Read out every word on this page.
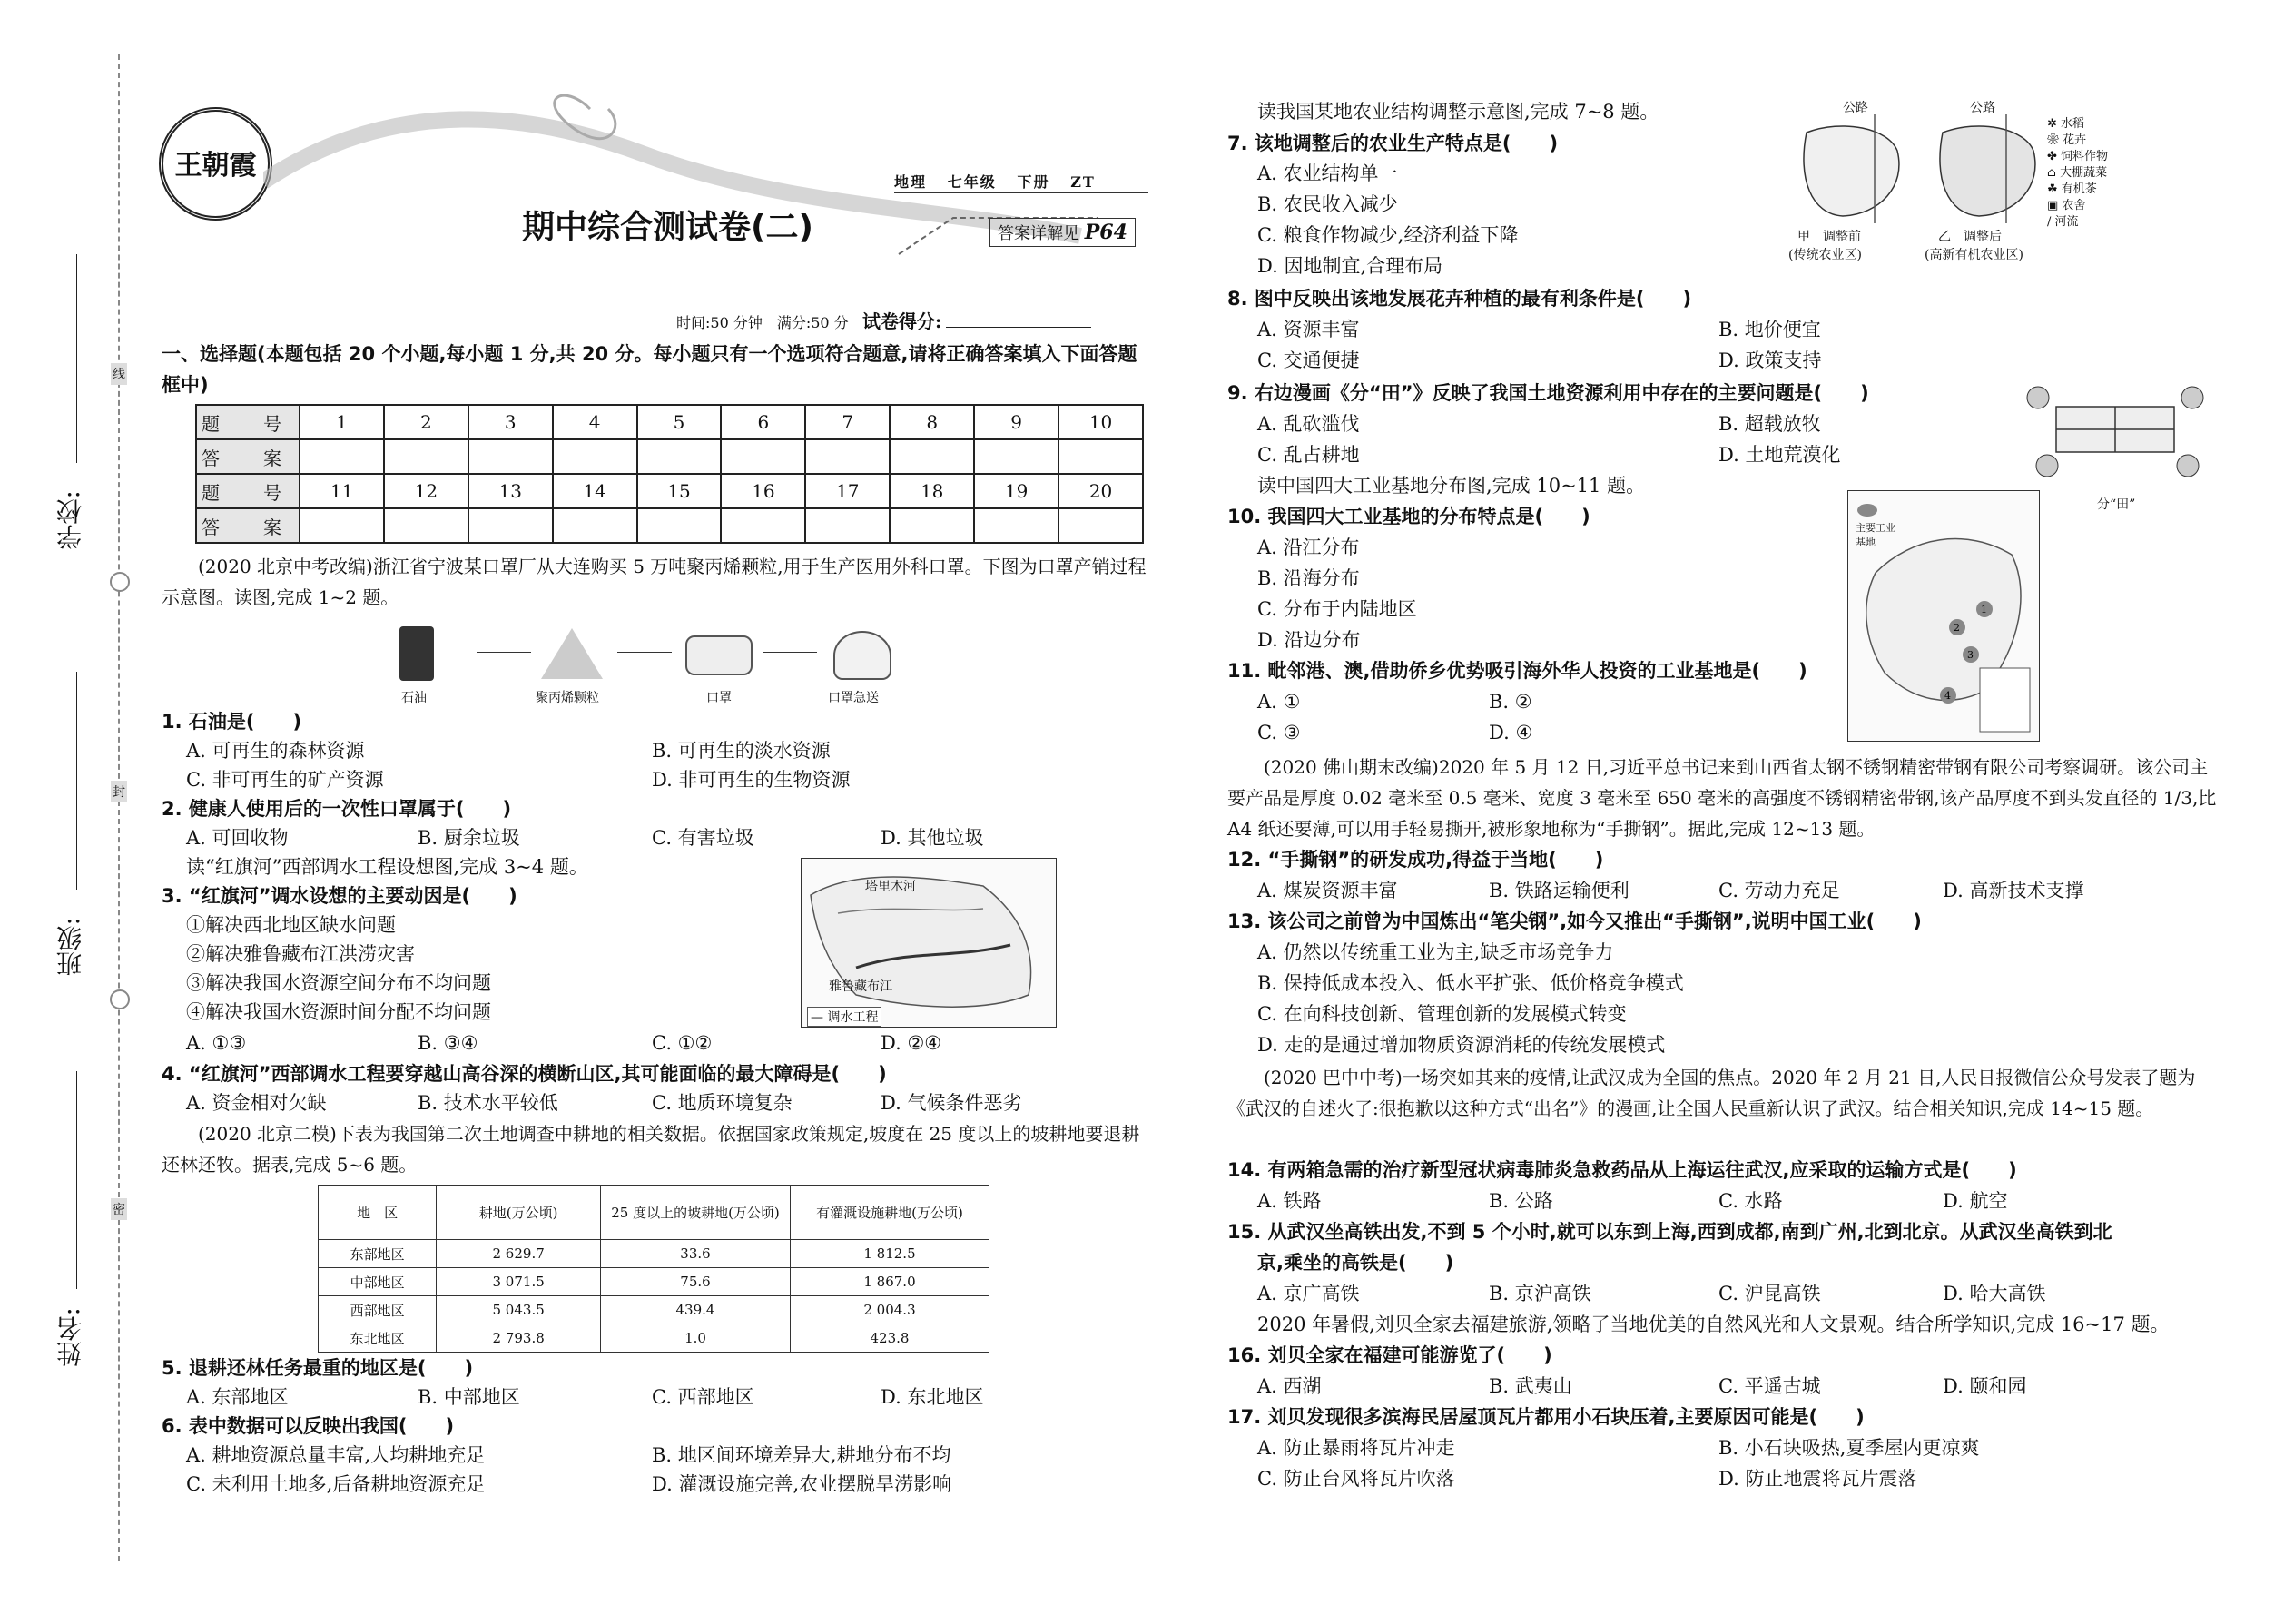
学校:
班级:
姓名:
线
封
密
王朝霞
地理 七年级 下册 ZT
期中综合测试卷(二)	答案详解见 P64
时间:50 分钟　满分:50 分 试卷得分:
一、选择题(本题包括 20 个小题,每小题 1 分,共 20 分。每小题只有一个选项符合题意,请将正确答案填入下面答题框中)
题　号	1	2	3	4	5	6	7	8	9	10
答　案										
题　号	11	12	13	14	15	16	17	18	19	20
答　案										
(2020 北京中考改编)浙江省宁波某口罩厂从大连购买 5 万吨聚丙烯颗粒,用于生产医用外科口罩。下图为口罩产销过程示意图。读图,完成 1~2 题。
石油	聚丙烯颗粒	口罩	口罩急送
1. 石油是(　　)
A. 可再生的森林资源	B. 可再生的淡水资源
C. 非可再生的矿产资源	D. 非可再生的生物资源
2. 健康人使用后的一次性口罩属于(　　)
A. 可回收物	B. 厨余垃圾	C. 有害垃圾	D. 其他垃圾
读“红旗河”西部调水工程设想图,完成 3~4 题。
3. “红旗河”调水设想的主要动因是(　　)
①解决西北地区缺水问题
②解决雅鲁藏布江洪涝灾害
③解决我国水资源空间分布不均问题
④解决我国水资源时间分配不均问题
A. ①③	B. ③④	C. ①②	D. ②④
塔里木河
雅鲁藏布江
— 调水工程
4. “红旗河”西部调水工程要穿越山高谷深的横断山区,其可能面临的最大障碍是(　　)
A. 资金相对欠缺	B. 技术水平较低	C. 地质环境复杂	D. 气候条件恶劣
(2020 北京二模)下表为我国第二次土地调查中耕地的相关数据。依据国家政策规定,坡度在 25 度以上的坡耕地要退耕还林还牧。据表,完成 5~6 题。
地　区	耕地(万公顷)	25 度以上的坡耕地(万公顷)	有灌溉设施耕地(万公顷)
东部地区	2 629.7	33.6	1 812.5
中部地区	3 071.5	75.6	1 867.0
西部地区	5 043.5	439.4	2 004.3
东北地区	2 793.8	1.0	423.8
5. 退耕还林任务最重的地区是(　　)
A. 东部地区	B. 中部地区	C. 西部地区	D. 东北地区
6. 表中数据可以反映出我国(　　)
A. 耕地资源总量丰富,人均耕地充足	B. 地区间环境差异大,耕地分布不均
C. 未利用土地多,后备耕地资源充足	D. 灌溉设施完善,农业摆脱旱涝影响
读我国某地农业结构调整示意图,完成 7~8 题。	公路	公路
甲　调整前
(传统农业区)
乙　调整后
(高新有机农业区)
✲ 水稻
❀ 花卉
✤ 饲料作物
⌂ 大棚蔬菜
☘ 有机茶
▣ 农舍
∕ 河流
7. 该地调整后的农业生产特点是(　　)
A. 农业结构单一
B. 农民收入减少
C. 粮食作物减少,经济利益下降
D. 因地制宜,合理布局
8. 图中反映出该地发展花卉种植的最有利条件是(　　)
A. 资源丰富	B. 地价便宜
C. 交通便捷	D. 政策支持
9. 右边漫画《分“田”》反映了我国土地资源利用中存在的主要问题是(　　)
A. 乱砍滥伐	B. 超载放牧
C. 乱占耕地	D. 土地荒漠化
分“田”
读中国四大工业基地分布图,完成 10~11 题。
10. 我国四大工业基地的分布特点是(　　)
A. 沿江分布
B. 沿海分布
C. 分布于内陆地区
D. 沿边分布
主要工业基地
1
2
3
4
11. 毗邻港、澳,借助侨乡优势吸引海外华人投资的工业基地是(　　)
A. ①	B. ②
C. ③	D. ④
(2020 佛山期末改编)2020 年 5 月 12 日,习近平总书记来到山西省太钢不锈钢精密带钢有限公司考察调研。该公司主要产品是厚度 0.02 毫米至 0.5 毫米、宽度 3 毫米至 650 毫米的高强度不锈钢精密带钢,该产品厚度不到头发直径的 1/3,比 A4 纸还要薄,可以用手轻易撕开,被形象地称为“手撕钢”。据此,完成 12~13 题。
12. “手撕钢”的研发成功,得益于当地(　　)
A. 煤炭资源丰富	B. 铁路运输便利	C. 劳动力充足	D. 高新技术支撑
13. 该公司之前曾为中国炼出“笔尖钢”,如今又推出“手撕钢”,说明中国工业(　　)
A. 仍然以传统重工业为主,缺乏市场竞争力
B. 保持低成本投入、低水平扩张、低价格竞争模式
C. 在向科技创新、管理创新的发展模式转变
D. 走的是通过增加物质资源消耗的传统发展模式
(2020 巴中中考)一场突如其来的疫情,让武汉成为全国的焦点。2020 年 2 月 21 日,人民日报微信公众号发表了题为《武汉的自述火了:很抱歉以这种方式“出名”》的漫画,让全国人民重新认识了武汉。结合相关知识,完成 14~15 题。
14. 有两箱急需的治疗新型冠状病毒肺炎急救药品从上海运往武汉,应采取的运输方式是(　　)
A. 铁路	B. 公路	C. 水路	D. 航空
15. 从武汉坐高铁出发,不到 5 个小时,就可以东到上海,西到成都,南到广州,北到北京。从武汉坐高铁到北
京,乘坐的高铁是(　　)
A. 京广高铁	B. 京沪高铁	C. 沪昆高铁	D. 哈大高铁
2020 年暑假,刘贝全家去福建旅游,领略了当地优美的自然风光和人文景观。结合所学知识,完成 16~17 题。
16. 刘贝全家在福建可能游览了(　　)
A. 西湖	B. 武夷山	C. 平遥古城	D. 颐和园
17. 刘贝发现很多滨海民居屋顶瓦片都用小石块压着,主要原因可能是(　　)
A. 防止暴雨将瓦片冲走	B. 小石块吸热,夏季屋内更凉爽
C. 防止台风将瓦片吹落	D. 防止地震将瓦片震落
